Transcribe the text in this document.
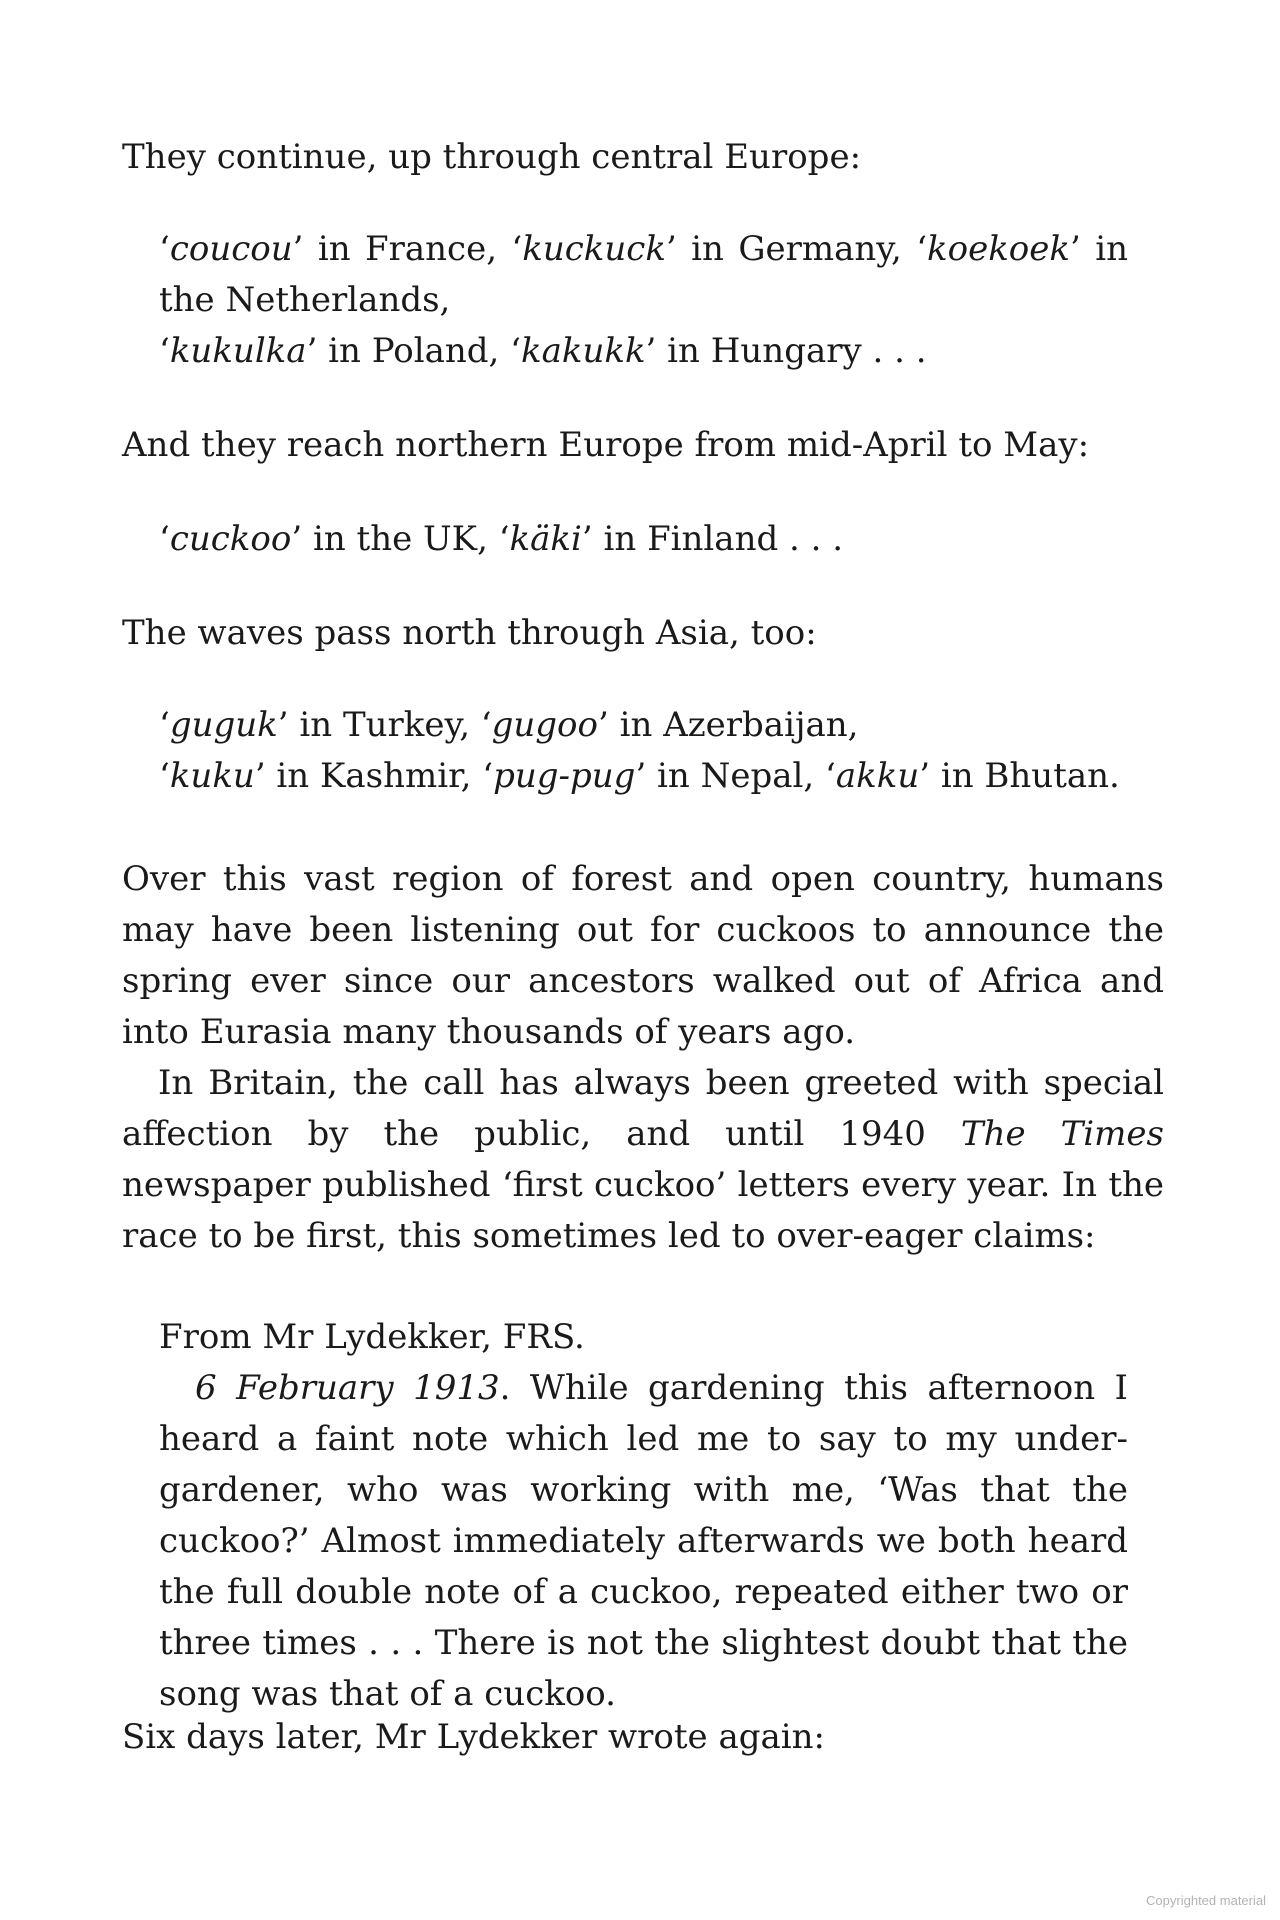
They continue, up through central Europe:

‘coucou’ in France, ‘kuckuck’ in Germany, ‘koekoek’ in the Netherlands,
‘kukulka’ in Poland, ‘kakukk’ in Hungary . . .

And they reach northern Europe from mid-April to May:

‘cuckoo’ in the UK, ‘käki’ in Finland . . .

The waves pass north through Asia, too:

‘guguk’ in Turkey, ‘gugoo’ in Azerbaijan,
‘kuku’ in Kashmir, ‘pug-pug’ in Nepal, ‘akku’ in Bhutan.

Over this vast region of forest and open country, humans may have been listening out for cuckoos to announce the spring ever since our ancestors walked out of Africa and into Eurasia many thousands of years ago.

In Britain, the call has always been greeted with special affection by the public, and until 1940 The Times newspaper published ‘first cuckoo’ letters every year. In the race to be first, this sometimes led to over-eager claims:

From Mr Lydekker, FRS.

6 February 1913. While gardening this afternoon I heard a faint note which led me to say to my under-gardener, who was working with me, ‘Was that the cuckoo?’ Almost immediately afterwards we both heard the full double note of a cuckoo, repeated either two or three times . . . There is not the slightest doubt that the song was that of a cuckoo.

Six days later, Mr Lydekker wrote again:

Copyrighted material
